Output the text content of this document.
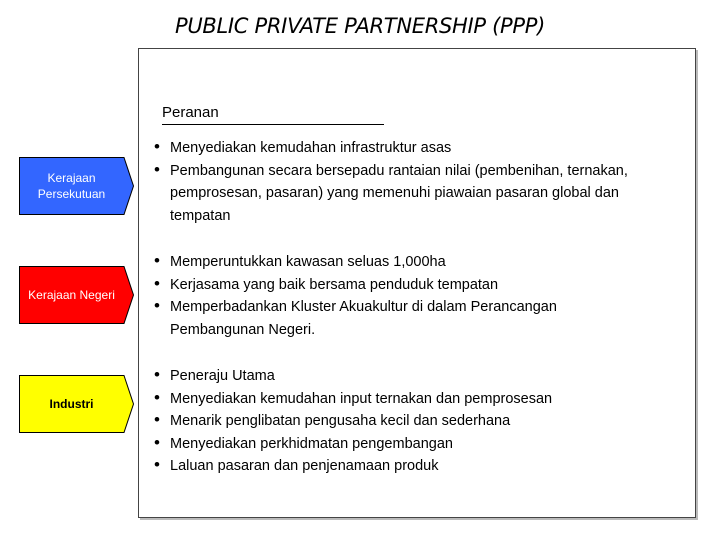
PUBLIC PRIVATE PARTNERSHIP (PPP)
Peranan
Kerajaan Persekutuan
Kerajaan Negeri
Industri
• Menyediakan kemudahan infrastruktur asas
• Pembangunan secara bersepadu rantaian nilai (pembenihan, ternakan, pemprosesan, pasaran) yang memenuhi piawaian pasaran global dan tempatan
• Memperuntukkan kawasan seluas 1,000ha
• Kerjasama yang baik bersama penduduk tempatan
• Memperbadankan Kluster Akuakultur di dalam Perancangan Pembangunan Negeri.
• Peneraju Utama
• Menyediakan kemudahan input ternakan dan pemprosesan
• Menarik penglibatan pengusaha kecil dan sederhana
• Menyediakan perkhidmatan pengembangan
• Laluan pasaran dan penjenamaan produk
